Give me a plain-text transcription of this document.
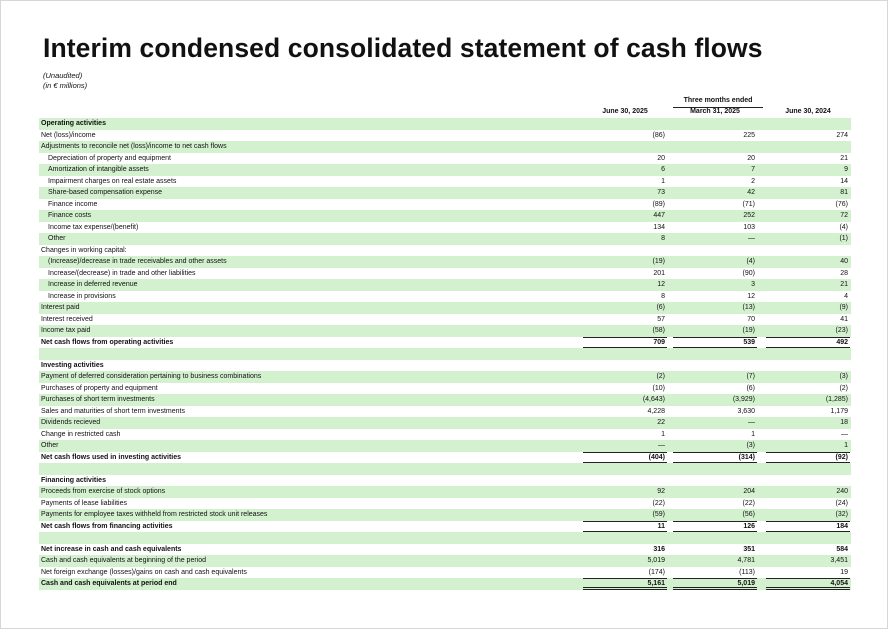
Interim condensed consolidated statement of cash flows
(Unaudited)
(in € millions)
Three months ended
June 30, 2025	March 31, 2025	June 30, 2024
Operating activities
Net (loss)/income	(86)	225	274
Adjustments to reconcile net (loss)/income to net cash flows
Depreciation of property and equipment	20	20	21
Amortization of intangible assets	6	7	9
Impairment charges on real estate assets	1	2	14
Share-based compensation expense	73	42	81
Finance income	(89)	(71)	(76)
Finance costs	447	252	72
Income tax expense/(benefit)	134	103	(4)
Other	8	—	(1)
Changes in working capital:
(Increase)/decrease in trade receivables and other assets	(19)	(4)	40
Increase/(decrease) in trade and other liabilities	201	(90)	28
Increase in deferred revenue	12	3	21
Increase in provisions	8	12	4
Interest paid	(6)	(13)	(9)
Interest received	57	70	41
Income tax paid	(58)	(19)	(23)
Net cash flows from operating activities	709	539	492
Investing activities
Payment of deferred consideration pertaining to business combinations	(2)	(7)	(3)
Purchases of property and equipment	(10)	(6)	(2)
Purchases of short term investments	(4,643)	(3,929)	(1,285)
Sales and maturities of short term investments	4,228	3,630	1,179
Dividends recieved	22	—	18
Change in restricted cash	1	1	—
Other	—	(3)	1
Net cash flows used in investing activities	(404)	(314)	(92)
Financing activities
Proceeds from exercise of stock options	92	204	240
Payments of lease liabilities	(22)	(22)	(24)
Payments for employee taxes withheld from restricted stock unit releases	(59)	(56)	(32)
Net cash flows from financing activities	11	126	184
Net increase in cash and cash equivalents	316	351	584
Cash and cash equivalents at beginning of the period	5,019	4,781	3,451
Net foreign exchange (losses)/gains on cash and cash equivalents	(174)	(113)	19
Cash and cash equivalents at period end	5,161	5,019	4,054
